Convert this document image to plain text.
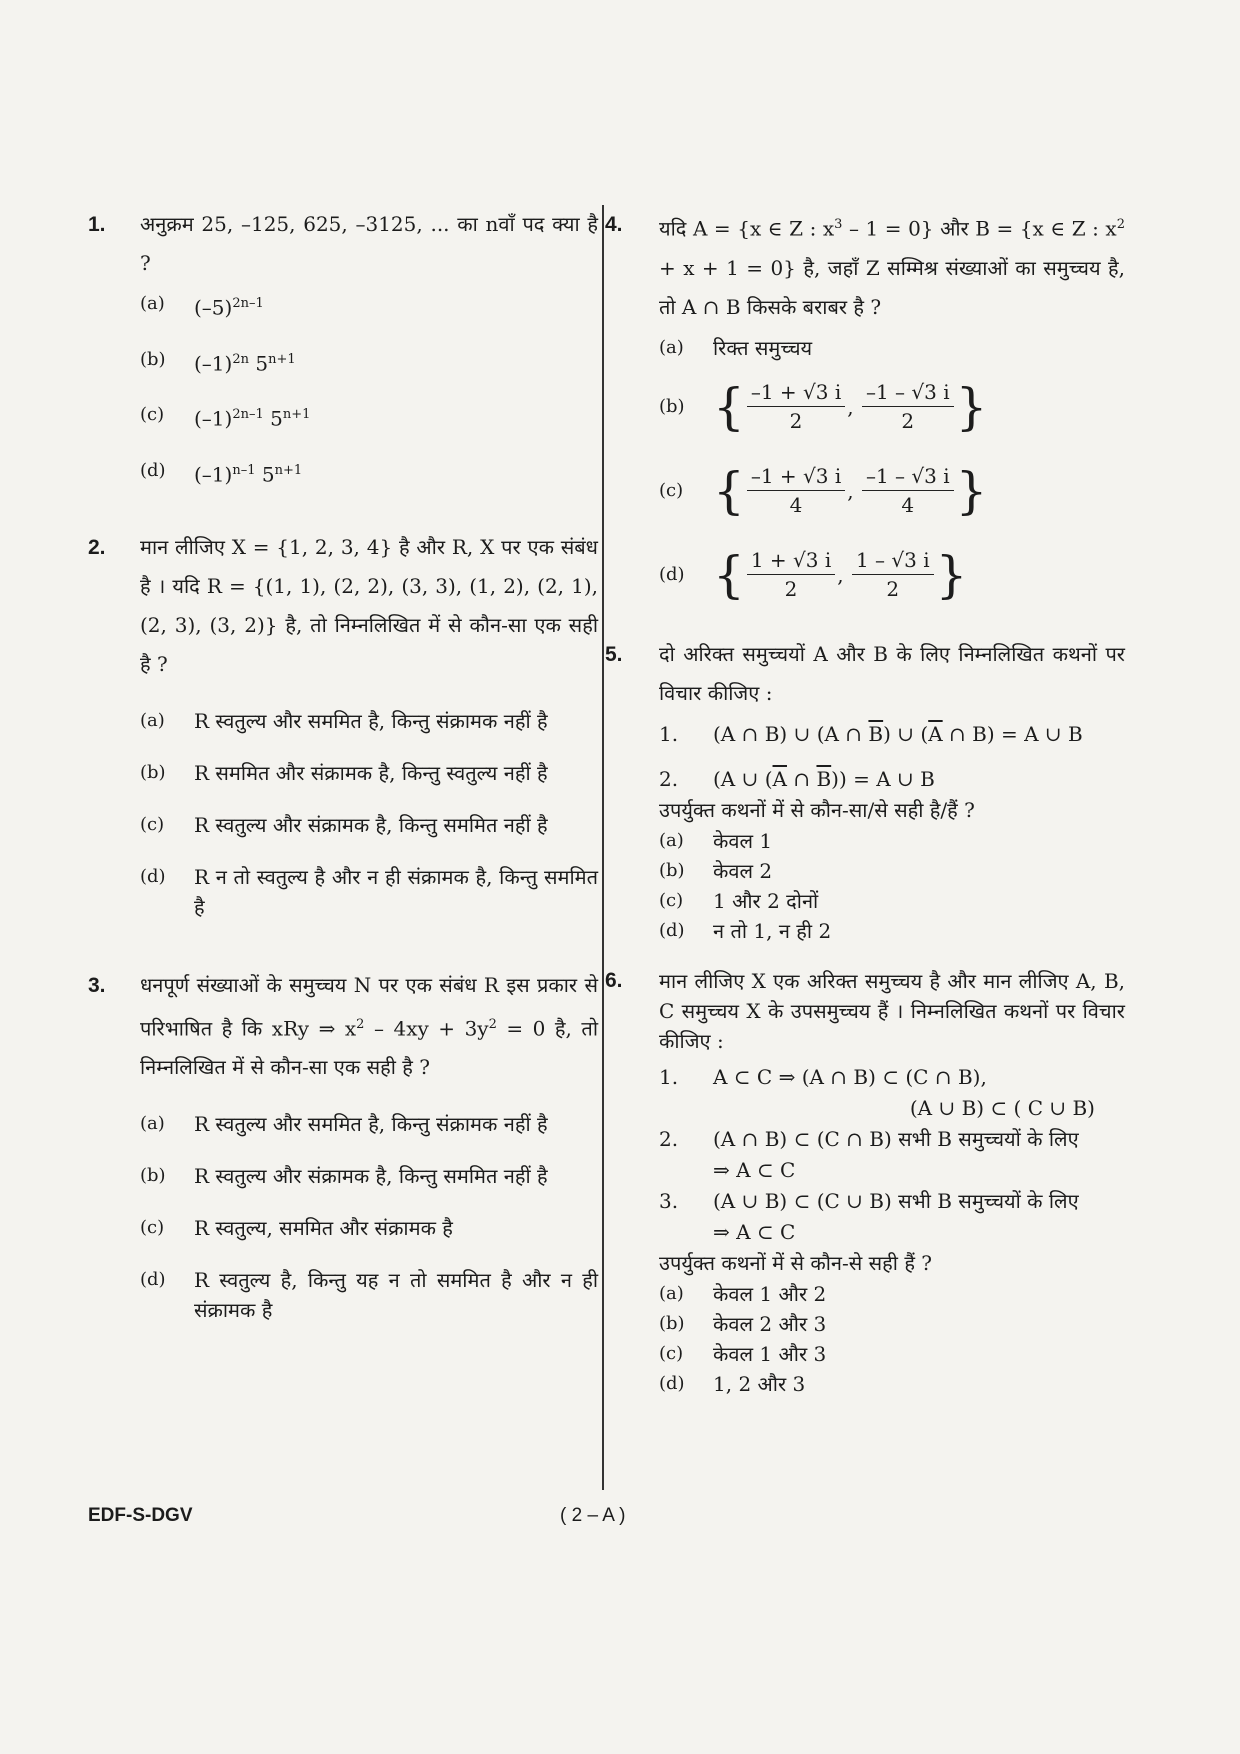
1. अनुक्रम 25, –125, 625, –3125, ... का nवाँ पद क्या है ?
(a) $(-5)^{2n-1}$
(b) $(-1)^{2n}$ $5^{n+1}$
(c) $(-1)^{2n-1}$ $5^{n+1}$
(d) $(-1)^{n-1}$ $5^{n+1}$
2. मान लीजिए X = {1, 2, 3, 4} है और R, X पर एक संबंध है । यदि R = {(1, 1), (2, 2), (3, 3), (1, 2), (2, 1), (2, 3), (3, 2)} है, तो निम्नलिखित में से कौन-सा एक सही है ?
(a) R स्वतुल्य और सममित है, किन्तु संक्रामक नहीं है
(b) R सममित और संक्रामक है, किन्तु स्वतुल्य नहीं है
(c) R स्वतुल्य और संक्रामक है, किन्तु सममित नहीं है
(d) R न तो स्वतुल्य है और न ही संक्रामक है, किन्तु सममित है
3. धनपूर्ण संख्याओं के समुच्चय N पर एक संबंध R इस प्रकार से परिभाषित है कि xRy ⇒ $x^2 - 4xy + 3y^2 = 0$ है, तो निम्नलिखित में से कौन-सा एक सही है ?
(a) R स्वतुल्य और सममित है, किन्तु संक्रामक नहीं है
(b) R स्वतुल्य और संक्रामक है, किन्तु सममित नहीं है
(c) R स्वतुल्य, सममित और संक्रामक है
(d) R स्वतुल्य है, किन्तु यह न तो सममित है और न ही संक्रामक है
4. यदि A = {x ∈ Z : $x^3 - 1 = 0$} और B = {x ∈ Z : $x^2 + x + 1 = 0$} है, जहाँ Z सम्मिश्र संख्याओं का समुच्चय है, तो A ∩ B किसके बराबर है ?
(a) रिक्त समुच्चय
(b) { $\frac{-1 + √3 i}{2}$ , $\frac{-1 - √3 i}{2}$ }
(c) { $\frac{-1 + √3 i}{4}$ , $\frac{-1 - √3 i}{4}$ }
(d) { $\frac{1 + √3 i}{2}$ , $\frac{1 - √3 i}{2}$ }
5. दो अरिक्त समुच्चयों A और B के लिए निम्नलिखित कथनों पर विचार कीजिए :
1. (A ∩ B) ∪ (A ∩ $\overline{B}$) ∪ ($\overline{A}$ ∩ B) = A ∪ B
2. (A ∪ ($\overline{A}$ ∩ $\overline{B})) = A$ ∪ B
उपर्युक्त कथनों में से कौन-सा/से सही है/हैं ?
(a) केवल 1
(b) केवल 2
(c) 1 और 2 दोनों
(d) न तो 1, न ही 2
6. मान लीजिए X एक अरिक्त समुच्चय है और मान लीजिए A, B, C समुच्चय X के उपसमुच्चय हैं । निम्नलिखित कथनों पर विचार कीजिए :
1. A ⊂ C ⇒ (A ∩ B) ⊂ (C ∩ B),
(A ∪ B) ⊂ ( C ∪ B)
2. (A ∩ B) ⊂ (C ∩ B) सभी B समुच्चयों के लिए
⇒ A ⊂ C
3. (A ∪ B) ⊂ (C ∪ B) सभी B समुच्चयों के लिए
⇒ A ⊂ C
उपर्युक्त कथनों में से कौन-से सही हैं ?
(a) केवल 1 और 2
(b) केवल 2 और 3
(c) केवल 1 और 3
(d) 1, 2 और 3
EDF-S-DGV	( 2 – A )
